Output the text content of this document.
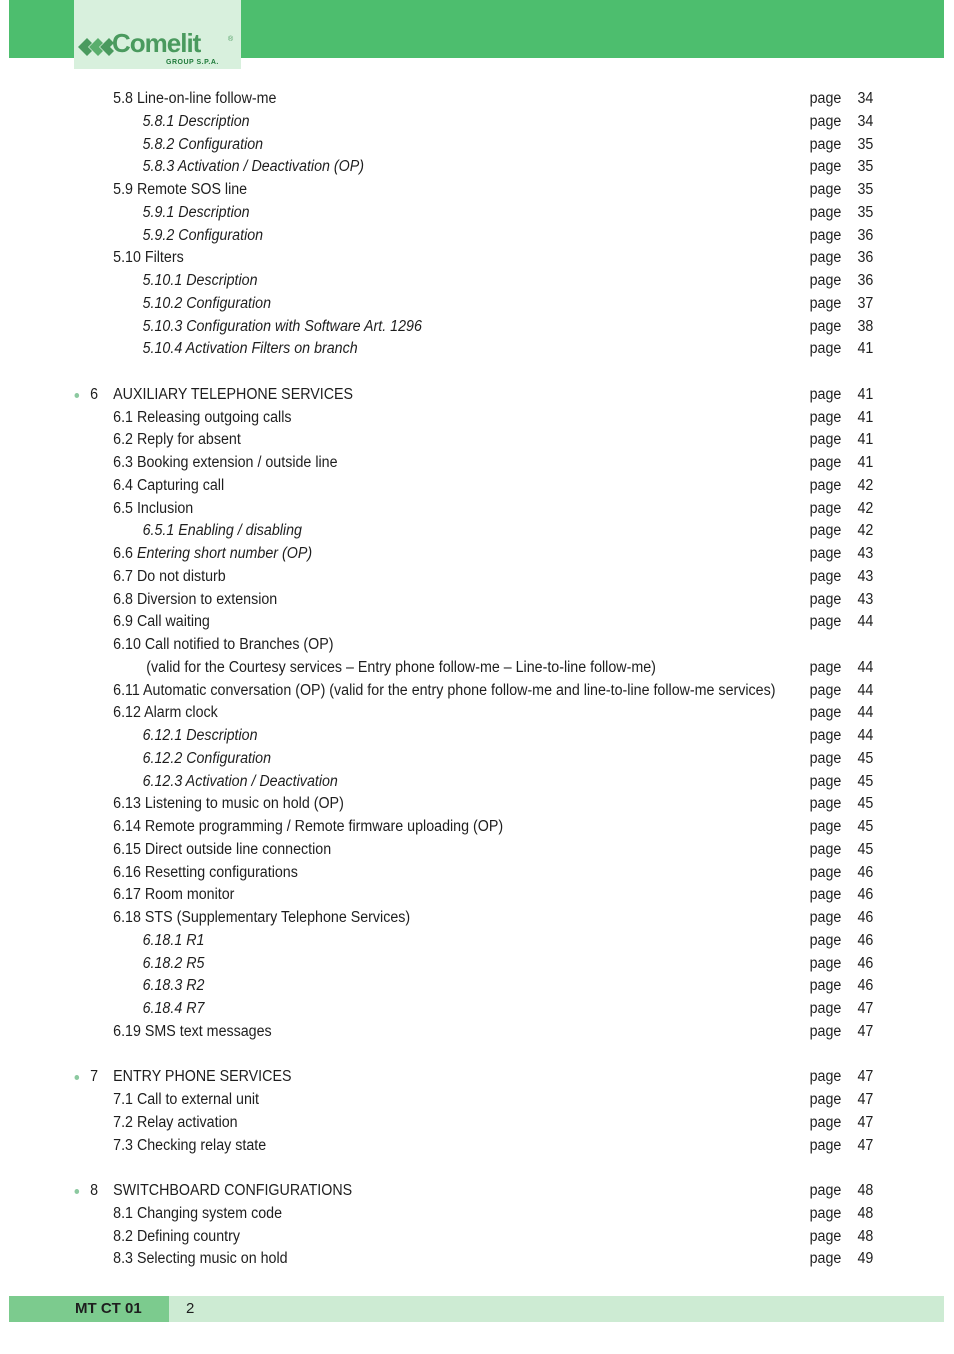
Comelit	®
GROUP S.P.A.
5.8 Line-on-line follow-me	page 34
5.8.1 Description	page 34
5.8.2 Configuration	page 35
5.8.3 Activation / Deactivation (OP)	page 35
5.9 Remote SOS line	page 35
5.9.1 Description	page 35
5.9.2 Configuration	page 36
5.10 Filters	page 36
5.10.1 Description	page 36
5.10.2 Configuration	page 37
5.10.3 Configuration with Software Art. 1296	page 38
5.10.4 Activation Filters on branch	page 41
6 AUXILIARY TELEPHONE SERVICES	page 41
6.1 Releasing outgoing calls	page 41
6.2 Reply for absent	page 41
6.3 Booking extension / outside line	page 41
6.4 Capturing call	page 42
6.5 Inclusion	page 42
6.5.1 Enabling / disabling	page 42
6.6 Entering short number (OP)	page 43
6.7 Do not disturb	page 43
6.8 Diversion to extension	page 43
6.9 Call waiting	page 44
6.10 Call notified to Branches (OP)
(valid for the Courtesy services – Entry phone follow-me – Line-to-line follow-me)	page 44
6.11 Automatic conversation (OP) (valid for the entry phone follow-me and line-to-line follow-me services) page 44
6.12 Alarm clock	page 44
6.12.1 Description	page 44
6.12.2 Configuration	page 45
6.12.3 Activation / Deactivation	page 45
6.13 Listening to music on hold (OP)	page 45
6.14 Remote programming / Remote firmware uploading (OP)	page 45
6.15 Direct outside line connection	page 45
6.16 Resetting configurations	page 46
6.17 Room monitor	page 46
6.18 STS (Supplementary Telephone Services)	page 46
6.18.1 R1	page 46
6.18.2 R5	page 46
6.18.3 R2	page 46
6.18.4 R7	page 47
6.19 SMS text messages	page 47
7 ENTRY PHONE SERVICES	page 47
7.1 Call to external unit	page 47
7.2 Relay activation	page 47
7.3 Checking relay state	page 47
8 SWITCHBOARD CONFIGURATIONS	page 48
8.1 Changing system code	page 48
8.2 Defining country	page 48
8.3 Selecting music on hold	page 49
MT CT 01	2
